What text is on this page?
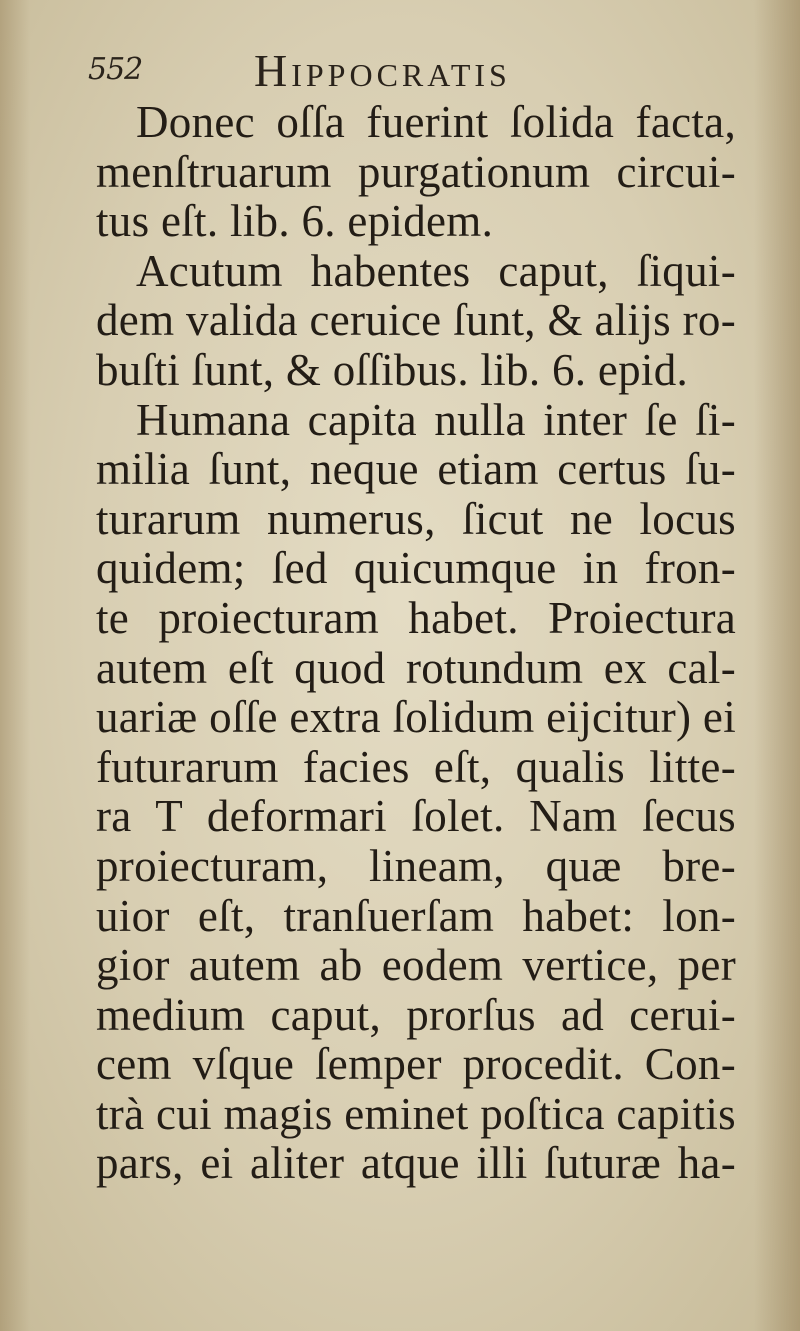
552 Hippocratis
Donec oſſa fuerint ſolida facta,
menſtruarum purgationum circui-
tus eſt. lib. 6. epidem.
Acutum habentes caput, ſiqui-
dem valida ceruice ſunt, & alijs ro-
buſti ſunt, & oſſibus. lib. 6. epid.
Humana capita nulla inter ſe ſi-
milia ſunt, neque etiam certus ſu-
turarum numerus, ſicut ne locus
quidem; ſed quicumque in fron-
te proiecturam habet. Proiectura
autem eſt quod rotundum ex cal-
uariæ oſſe extra ſolidum eijcitur) ei
futurarum facies eſt, qualis litte-
ra T deformari ſolet. Nam ſecus
proiecturam, lineam, quæ bre-
uior eſt, tranſuerſam habet: lon-
gior autem ab eodem vertice, per
medium caput, prorſus ad cerui-
cem vſque ſemper procedit. Con-
trà cui magis eminet poſtica capitis
pars, ei aliter atque illi ſuturæ ha-
